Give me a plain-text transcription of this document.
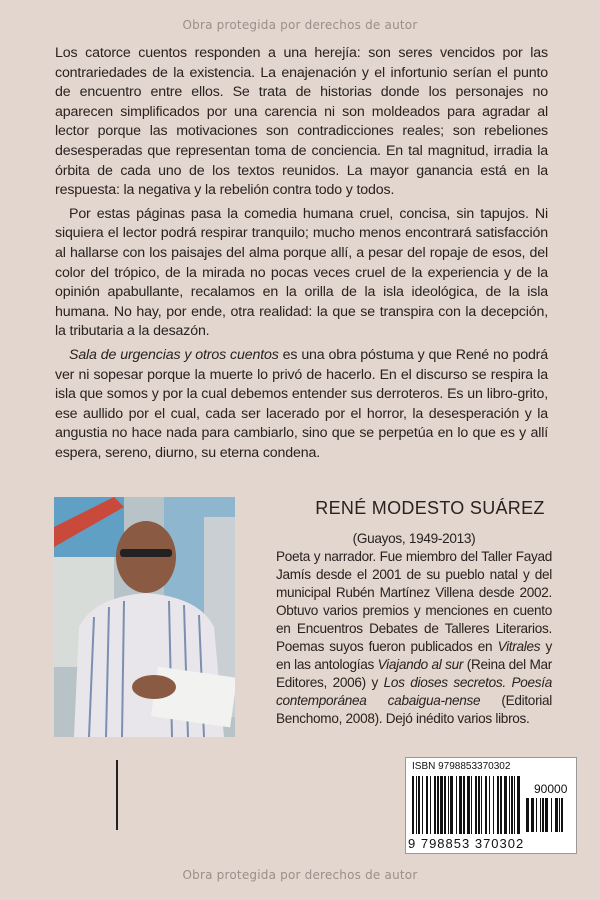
Obra protegida por derechos de autor

Los catorce cuentos responden a una herejía: son seres vencidos por las contrariedades de la existencia. La enajenación y el infortunio serían el punto de encuentro entre ellos. Se trata de historias donde los personajes no aparecen simplificados por una carencia ni son moldeados para agradar al lector porque las motivaciones son contradicciones reales; son rebeliones desesperadas que representan toma de conciencia. En tal magnitud, irradia la órbita de cada uno de los textos reunidos. La mayor ganancia está en la respuesta: la negativa y la rebelión contra todo y todos.

Por estas páginas pasa la comedia humana cruel, concisa, sin tapujos. Ni siquiera el lector podrá respirar tranquilo; mucho menos encontrará satisfacción al hallarse con los paisajes del alma porque allí, a pesar del ropaje de esos, del color del trópico, de la mirada no pocas veces cruel de la experiencia y de la opinión apabullante, recalamos en la orilla de la isla ideológica, de la isla humana. No hay, por ende, otra realidad: la que se transpira con la decepción, la tributaria a la desazón.

Sala de urgencias y otros cuentos es una obra póstuma y que René no podrá ver ni sopesar porque la muerte lo privó de hacerlo. En el discurso se respira la isla que somos y por la cual debemos entender sus derroteros. Es un libro-grito, ese aullido por el cual, cada ser lacerado por el horror, la desesperación y la angustia no hace nada para cambiarlo, sino que se perpetúa en lo que es y allí espera, sereno, diurno, su eterna condena.

RENÉ MODESTO SUÁREZ
(Guayos, 1949-2013)
Poeta y narrador. Fue miembro del Taller Fayad Jamís desde el 2001 de su pueblo natal y del municipal Rubén Martínez Villena desde 2002. Obtuvo varios premios y menciones en cuento en Encuentros Debates de Talleres Literarios. Poemas suyos fueron publicados en Vitrales y en las antologías Viajando al sur (Reina del Mar Editores, 2006) y Los dioses secretos. Poesía contemporánea cabaigua-nense (Editorial Benchomo, 2008). Dejó inédito varios libros.
ISBN 9798853370302
90000
9 798853 370302
Obra protegida por derechos de autor
